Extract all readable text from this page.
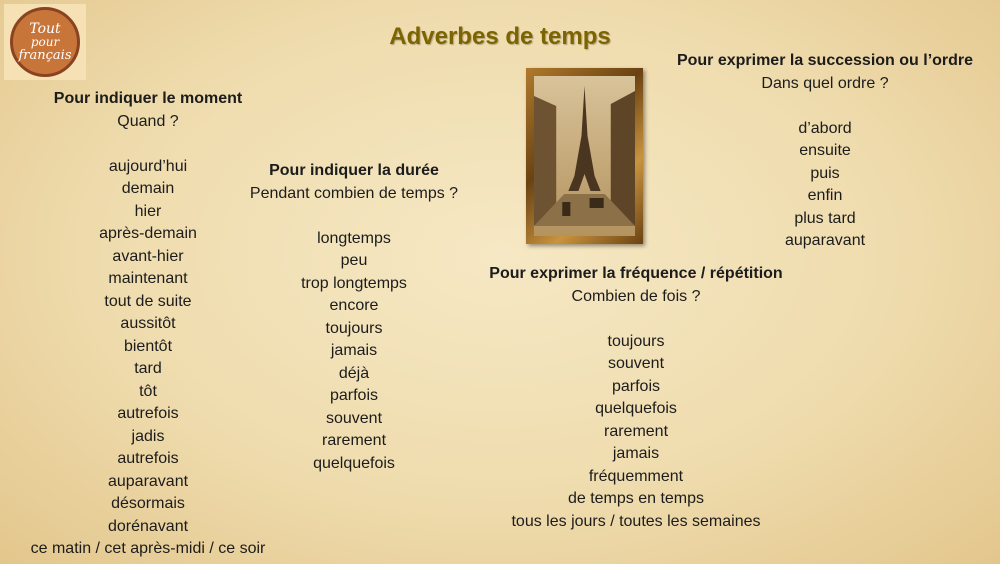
Tout
pour
français
Adverbes de temps
Pour indiquer le moment
Quand ?
aujourd’hui
demain
hier
après-demain
avant-hier
maintenant
tout de suite
aussitôt
bientôt
tard
tôt
autrefois
jadis
autrefois
auparavant
désormais
dorénavant
ce matin / cet après-midi / ce soir
Pour indiquer la durée
Pendant combien de temps ?
longtemps
peu
trop longtemps
encore
toujours
jamais
déjà
parfois
souvent
rarement
quelquefois
Pour exprimer la succession ou l’ordre
Dans quel ordre ?
d’abord
ensuite
puis
enfin
plus tard
auparavant
Pour exprimer la fréquence / répétition
Combien de fois ?
toujours
souvent
parfois
quelquefois
rarement
jamais
fréquemment
de temps en temps
tous les jours / toutes les semaines
